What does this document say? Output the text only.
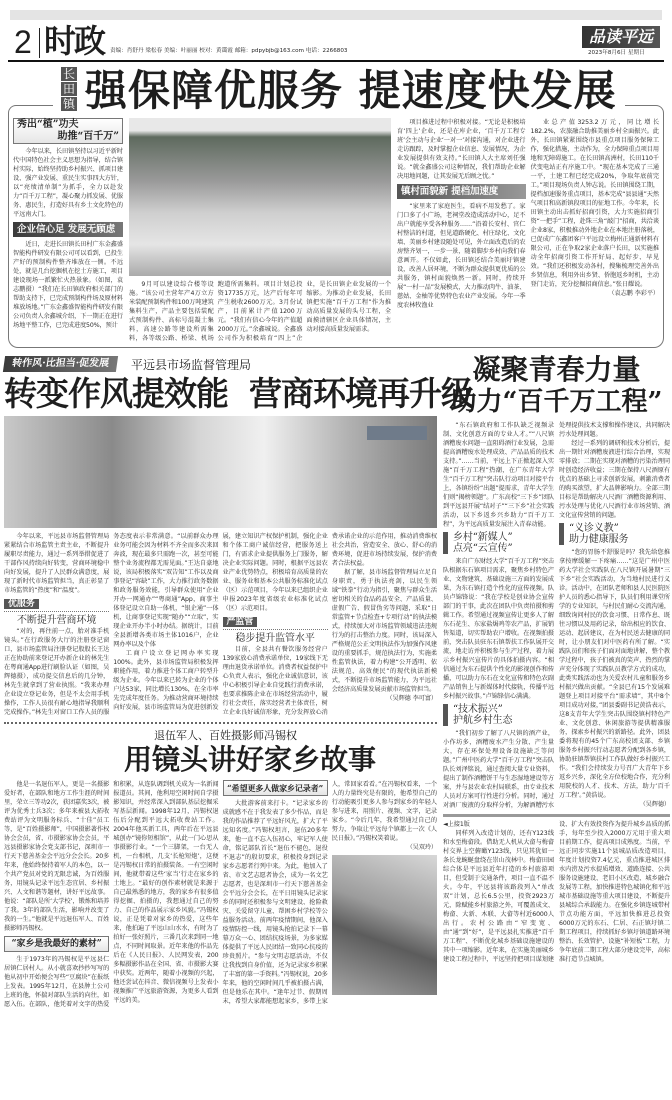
2 时政 责编：肖舒丹 梁松春 美编：叶丽丽 校对：黄霭霞 邮箱：pdpybjb@163.com 电话：2266803
品读平远
2023年8月6日 星期日
长
田
镇 强保障优服务 提速度快发展
秀出“植”功夫
助推“百千万”

今年以来，长田镇坚持以习近平新时代中国特色社会主义思想为指导，结合镇村实际，始终坚持助乡村振兴、抓项目建设、强产业发展、重民生实事四大方针，以“亮绩清单制”为抓手，全力以赴发力“百千万工程”，凝心聚力抓发展、优服务、惠民生，打造好具有乡土文化特色的平远南大门。

企业信心足 发展无顾虑

近日，走进长田镇长田村广东金鑫盛智能构件研发有限公司可以看到，已投生产好的预制构件整齐堆放在一侧。不远处，就是几台挖掘机在挖土方施工，项目建设现场一派繁忙火热景象。（如图，袁志鹏摄）“我们在长田镇政府相关部门的帮助支持下，已完成预制构件场及原材料堆放场地。”广东金鑫盛智能构件研发有限公司负责人余鑫城介绍，下一期正在进行场地平整工作，已完成进度50%，预计

9月可以建设综合楼等设施。“该公司主营年产4万立方米装配预制构件和100万吨建筑集料生产，产品主要包括装配式预制构件、高标号混凝土集料，高速公路等建设所需集料，各等级公路、桥梁、机场跑道所需集料。项目计划总投资17735万元，达产后每年可产生税收2600万元。3月份试产，目前累计产值1200万元。“我们有信心今年的产值超2000万元。”余鑫城说。全鑫盛公司作为积极培育“四上”企业，是长田镇企业发展的一个缩影。为推动企业发展，长田镇把实施“百千万工程”作为推动高质量发展的头号工程，全面摸清辖区企业具体情况，主动对接高质量发展需求。

项目推进过程中积极对接。“无论是积极培育‘四上’企业，还是在库企业，‘百千万工程专班’会主动与企业‘一对一’对接沟通，对企业进行走访跟踪，及时掌握企业信息、发展情况，为企业发展提供有效支持。”长田镇人大主席刘任强说。“就金鑫盛公司这种情况，我们帮助企业解决用地问题，让其发展无后顾之忧。”

镇村面貌新 提档加速度

“家里来了家庭医生，看病不用发愁了。家门口多了小广场，老祠堂改造成活动中心，足不出户就能享受各种服务……”沿着长安村、官仁村整洁的村道，但见道路硬化、村庄绿化、文化墙、美丽乡村建设随处可见，外立面改造后的农房整齐划一，一步一景，随着脚步乡村向我们春意画开。不仅如此，长田镇还结合美丽圩镇建设，改善人居环境，不断为群众提供更优质的公共服务，镇村面貌焕然一新。同时，持续开展“一村一品”发展模式，大力推动肉牛、油茶、慈姑、金柚等优势特色农业产业发展。今年一季度农林牧渔业

业总产值3253.2万元，同比增长182.2%，农旅融合助推美丽乡村全面振兴。此外，长田镇紧紧围绕市县重点项目服务保障工作，强化措施，主动作为，全力保障重点项目用地和无障碍施工。在长田镇高洲村，长田110千伏变电站正有序施工中。“现在基本完成了三通一平，土建工程已经完成20%，争取年底前完工。”项目现场负责人钟志说。长田镇围绕工期，提档加速服务重点项目，基本完成“县县通”天然气项目和高新镇段项目的征地工作。今年来，长田镇主动出击抓好招商引资，大力实施招商引资“一把手”工程，赴珠三角“敲门”招商，共洽谈企业8家，积极推动外地企业在本地注册落税，已促成广东鑫团客户平远设立梅州正通新材料有限公司，正在争取2家企业落户长田，以实施推动全年招商引资工作开好局、起好步、早见效。“我们还积极发动各村，搜集梳理完善外出乡贤信息，利用外出乡贤、侨胞返乡时机，主动登门走访，充分挖掘招商信息。”张日耀说。

（袁志鹏 李彩平）
转作风·比担当·促发展	平远县市场监督管理局
转变作风提效能  营商环境再升级

今年以来，平远县市场监督管理局紧紧结合市场监管主责主业，不断提升履职尽责能力，通过一系列举措促进了干部作风持续向好转变，营商环境稳中向好发展，提升了人民群众满意度，展现了新时代市场监管担当，真正彰显了市场监管的“热度”和“温度”。

优服务
不断提升营商环境

“对的，再往前一点，胎对准手机镜头。”在行政服务大厅的注册登记窗口，县市场监管局注册登记股股长王达正在协助前来登记开办新企业的林先生在粤商通App进行刷脸认证（如图，吴辉德摄），成功提交信息后的几分钟，林先生就拿到了营业执照。“我来办理企业设立登记业务，但是不太会用手机操作，工作人员很有耐心地指导我顺利完成操作。”林先生对窗口工作人员的服务态度表示非常满意。“以前群众办理业务可能会因为材料不齐全而多次来回奔波，现在最多只需跑一次，甚至可能整个业务流程都无需见面。”王达自豪地说，该局积极落实“双告知”工作以及商事登记“容缺”工作，大力推行政务数据和政务服务效能，引导群众使用“企业开办一网通办”“粤商通”App，商事主体登记设立自助一体机，“银企通”一体机，让商事登记实现“随办”“立取”，实现企业开办半小时办结。据统计，目前全县新增各类市场主体1016户，企业网办率以及个体

工商户设立登记网办率实现100%。此外，县市场监管局积极发挥职能作用，着力推进个体工商户转型升级为企业。今年以来已转为企业的个体户达53家，同比增长130%，在全市率先完成年度任务。为推动营商环境持续向好发展，县市场监管局为促进创新发展，建立知识产权保护机制，强化企业和个体工商户诚信经营，把服务送上门，有需求企业提供服务上门服务，解决企业实际问题。同时，根据平远县农业产业优势特点，积极培育高质量的农业、服务业和基本公共服务标准化试点（区）示范项目，今年以来已组织企业申报2023年度省级农业标准化试点（区）示范项目。

严监管
稳步提升监管水平

目前，全县共有餐饮服务经营户139家放心消费承诺单位，19家线下无理由退货承诺单位。消费者权益保护中心负责人表示，强化企业诚信意识，该中心积极引导企业自觉践行消费承诺，也要求推陈企业在市场经营活动中，履行社会责任，落实经营者主体责任，树立企业良好诚信形象，充分发挥放心消费承诺企业的示范作用，推动消费维权社会共治，营造安全、放心、舒心的消费环境，促进市场持续发展，保护消费者合法权益。

据了解，县市场监督管理局立足自身职责，勇于执法亮剑，以民生领域“铁拳”行动为指引，聚焦与群众生活密切相关的食品药品安全、产品质量、虚假广告、假冒伪劣等问题，采取“日常监管+节点检查+专项行动”的执法模式，持续加大对市场监管领域违法违规行为的打击整治力度。同时，该局深入严格规范公正文明执法作为加强作风建设的重要抓手，规范执法行为，实施柔性监管执法，着力构建“公开透明、依法规范、高效便民”的现代执法新模式，不断提升市场监管能力，为平远社会经济高质量发展贡献市场监管担当。

（吴辉德 李可富）
退伍军人、百姓摄影师冯锡权
用镜头讲好家乡故事

他是一名退伍军人，更是一名摄影爱好者，在部队和地方工作生涯的时间里，荣立三等功2次，获团嘉奖3次，被评为优秀士兵3次；多年来被县大拓收费站评为文明服务标兵、“十佳”员工等，是“百姓摄影师”，中国摄影著作权协会会员，省、市摄影家协会会员，平远县摄影家协会党支部书记，深圳市一行天下慈善基金会平远分会会长。20多年来，他始终保持着军人的本色，以一个共产党员对党的无限忠诚，为百姓服务，用镜头记录平远生态宜居、乡村振兴、人文和谐等题材，讲好平远故事。他说：“部队是所‘大学校’，锻炼和培养了我。3年的部队生活，影响并改变了我的一生。”他就是平远退伍军人、百姓摄影师冯锡权。

“家乡是我最好的素材”

生于1973年的冯锡权是平远县仁居镇仁居村人。从小就喜欢抄抄写写的他从初中开始便会写些“豆腐块”在报纸上发表。1995年12月，在县肿土公司上班的他，怀揣对部队生活的向往，如愿入伍。在部队，他凭着对文字的热爱和积累，从连队调到机关成为一名新闻报道员。其间，他利用空闲时间自学摄影知识，并经常深入到部队基层挖掘采写基层新闻。1998年12月，冯锡权退伍后分配到平远大拓收费站工作。2004年他买新工具，两年后在平远县城创办“镜你短相馆”，从此一门心思从事摄影行业。“一个三脚架，一台无人机，一台相机，几支‘长枪短炮’，这便是冯锡权日常的拍摄装备。一有空闲时间，他就带着这些‘家当’行走在家乡的土地上。“最好的创作素材就是来源于自己最熟悉的地方，我的家乡有很多值得挖掘、拍摄的，我想通过自己的努力、自己的作品展示家乡风貌。”冯锡权说，正是凭着对家乡的热爱，这些年来，他拍遍了平远山山水水，有时为了拍好一张好照片，三番几次来到同一地点，不同时间取景。近年来他的作品先后在《人民日报》、人民网发表，200多幅摄影作品在全国、省、市摄影大赛中获奖。近两年，随着小视频的兴起，他还尝试在抖音、微信视频号上发表小视频推广平远旅游资源，为更多人看到平远的美。

“希望更多人做家乡记录者”

大批游客前来打卡。“记录家乡的成就感不在于我发表了多少作品，而是我的作品推荐了平远好风光，扩大了平远知名度。”冯锡权坦言，退伍20多年来，他一直不忘入伍初心，牢记军人使命，铭记部队首长“退伍不褪色，退役不退志”的殷切要求，积极投身到记录家乡志愿者行列中来。为此，他加入了省、市文艺志愿者协会，成为一名文艺志愿者，也是深圳市一行天下慈善基金会平远分会会长，在平日用镜头记录家乡的同时还积极参与文明建设、抢险救灾、关爱留守儿童、帮困乡村学校等公益服务活动。前两年疫情期间，他深入疫情防控一线，用镜头抢拍记录下一幕幕万众一心、团结抗疫场景，为多家媒体提供了平远人民团结一致同心抗疫的珍贵照片。“参与文明志愿活动，不仅让我找到自身价值，还为记录家乡积累了丰富的第一手资料。”冯锡权说，20多年来，他的空闲时间几乎被拍摄占满，但是他乐在其中。“逢年过节、假期周末，希望大家都能想起家乡，多带上家人，常回家看看。”在冯锡权看来，一个人的力量终究是有限的，他希望自己的行动能吸引更多人参与到家乡的年轻人参与进来，用照片、视频、文字，记录家乡。“今后几年，我希望通过自己的努力，争取让平远每个镇都上一次《人民日报》。”冯锡权笑着说。

（吴双玲）
凝聚青春力量
助力“百千万工程”

“东石镇政府和工作队缺乏视频录制、文化创意方面的专业人才。”“八尺镇酒糟废水问题一直阻碍酒行业发展，急需提高酒糟废水处理成效、产品品质的技术支持。”……当前，平远上下正掀起深入实施“百千万工程”热潮，在广东青年大学生“百千万工程”突击队行动项目对接平台上，各镇纷纷“出题”提需求，青年大学生们则“揭榜领题”。广东高校“三下乡”团队到平远县开展“结对子”“三下乡”社会实践活动，以下乡返乡兴乡助力“百千万工程”，为平远高质量发展注入青春动能。

乡村“新媒人”
点亮“云宣传”

来自广东财经大学“百千万工程”突击队根据东石镇项目需求，聚焦乡村特色产业、文物建筑、基础设施三方面的发展成果，为东石镇打造个性化的宣传视频。队员卢锦锋说：“我在学校是创业协会宣传部门的干事，此次在团队中负责拍摄和剪辑工作。希望通过视频宣传让更多人了解东石花生、东家盐焗鸡等农产品，扩展销售渠道，切实帮助农户增收。在视频拍摄前，突击队员驻东石镇帮扶工作队展开交流，地走访并积极参与生产过程，着力展示乡村振兴宣传片的具体拍摄内容。“相信通过为东石提供个性化的影视创作和传播，可以助力东石在文化宣传和特色农副产品销售上与新媒体时代接轨，传播平远乡村振兴故事。”卢锦锋信心满满。

“技术振兴”
护航乡村生态

“我们初步了解了八尺镇的酒产业，小作坊多，酒糟废水产生分散、产生量大，存在环保处理设备设施缺乏等问题。”广州中医药大学“百千万工程”突击队队长刘泽铭说，通过查阅大量专业资料，提出了制作酒糟饼干与生态湿地建设等方案，并与县农业农村局联系，由专业技术人员对方案可行性进行分析。同时，通过对酒厂废液的分取样分析，为解酒糟污水处理提供技术支撑和操作建议，共同解决污水处理问题。

经过一系列的调研和技术分析后，提出一期针对酒糟废液进行综合治理，实现零排放；二期在实现对酒糟的污染治理同时创造经济收益；三期在保持八尺酒原有优点的基础上寻求创新发展，刺激消费者的购买欲望，扩大品牌影响力。全部三期目标是帮助解决八尺酒厂酒糟资源利用、污水处理与优化八尺酒行业市场营销、酒文化宣传营销的问题。

“义诊义教”
助力健康服务

“您的胃肠不舒服是吗？我先给您推拿按摩缓解一下疼痛……”这是广州中医药大学社会实践队在八尺镇开展暑期“三下乡”社会实践活动，为当地村民进行义诊。活动中，在团队老师和县人民医院医护人员的悉心指导下，队员们利用课堂所学的专业知识，与村民们耐心交流沟通，细致询问村民的饮食习惯、日常作息、既往习惯以及用药记录，给出相应的饮食、运动、起居建议，在为村民送去健康的同时，让小朋友们对中医药有所了解。“实践队员们和孩子们面对面地讲解，整个教学过程中，孩子们被真的笑声、热烈的掌声充分体现了实践队员教学方式的成功，此类实践活动也为关爱农村儿童和服务乡村振兴做出贡献。“全县已有15个发展难题登上项目对接平台“需求墙”，其中8个项目成功对接，”团县委副书记黄浩表示，这8支青年大学生突击队围绕镇村特色产业、文化创意、休闲旅游等提供精准服务，探索乡村振兴的新路径。此外，团县委将现有的45个广东高校团支部、乡镇服务乡村振兴行动志愿者分配到各乡镇，协助驻镇帮镇扶村工作队做好乡村振兴工作。“我们会持续发力号召广大青年下乡返乡兴乡，深化全方位校地合作，充分利用院校的人才、技术、方法，助力‘百千万工程’。”黄浩说。

（吴辉德）
◄上接1版

同样列入改造计划的，还有Y123线和水至梅畲段。借助无人机从大畲与梅畲村交界上空俯瞰Y123线，只见其犹如一条长龙蜿蜒盘绕在崇山茂林中。梅畲田园综合体是平远县近年打造的乡村旅游项目，但受制于交通条件，项目一直不温不火。今年，平远县将该路段列入“单改双”计划，总长6.5公里，投资2923万元，除赋能乡村旅游之外，可覆盖成文、梅畲、大新、木联、大畲等村近6000人出行。农村公路由“窄变宽、由“通”到“好”，是平远县扎实推进“百千万工程”、不断优化城乡基础设施建设的其中一项缩影。近年来，在实施美丽城乡建设工程过程中，平远坚持把项目谋划建设、扩大有效投资作为提升城乡品质的抓手，每年至少投入2000万元用于重大项目前期工作，提高项目成熟度。当前，平远正同步实施11个县城品质改造项目，年度计划投资7.4亿元，重点推进城区排水内涝及污水提质增效、道路连接、公共服务设施建设、老旧小区改造、城乡融合发展等工程，加快推进特色城镇化和平远城市基础设施等重大项目建设，不断提升县城综合承载能力。在强化乡镇连城带村节点功能方面，平远加快推进总投资6000万元的东石、仁居、石正镇圩镇二期工程项目，持续抓好乡镇圩镇道路环境整治、长效管护、设施“补短板”工程，力争年底前二期工程大部分建设完毕，高标准打造节点城镇。
